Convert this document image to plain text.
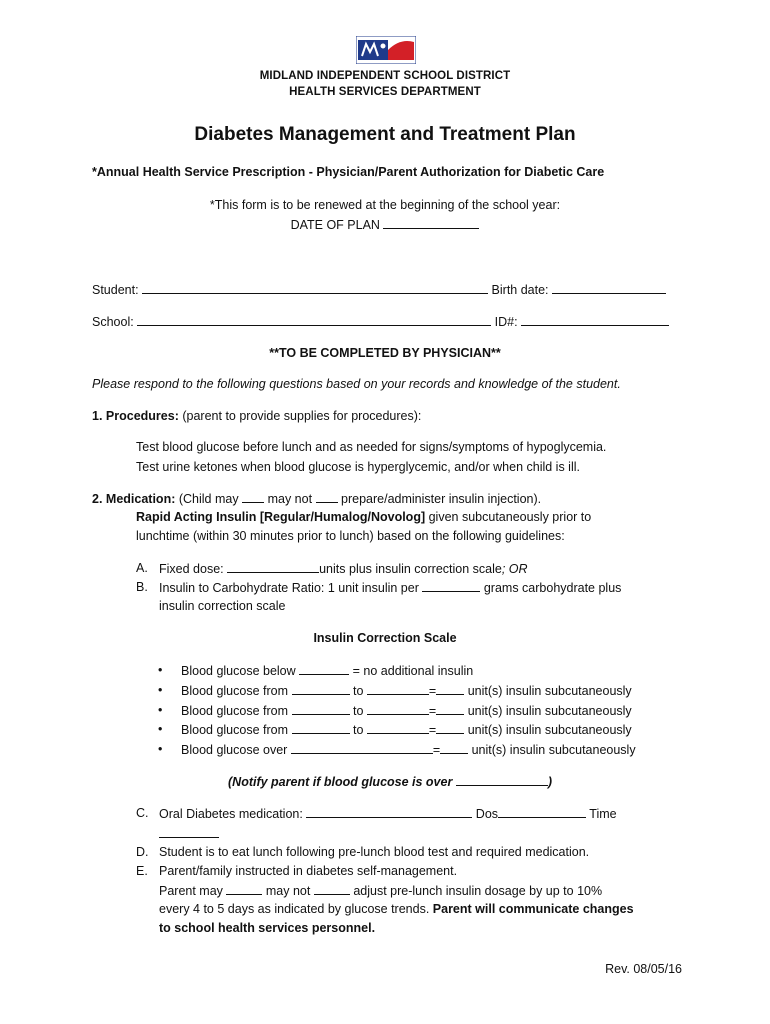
MIDLAND INDEPENDENT SCHOOL DISTRICT
HEALTH SERVICES DEPARTMENT
Diabetes Management and Treatment Plan
*Annual Health Service Prescription - Physician/Parent Authorization for Diabetic Care
*This form is to be renewed at the beginning of the school year:
DATE OF PLAN
Student:	Birth date:
School:	ID#:
**TO BE COMPLETED BY PHYSICIAN**
Please respond to the following questions based on your records and knowledge of the student.
1. Procedures: (parent to provide supplies for procedures):
Test blood glucose before lunch and as needed for signs/symptoms of hypoglycemia.
Test urine ketones when blood glucose is hyperglycemic, and/or when child is ill.
2. Medication: (Child may may not prepare/administer insulin injection).
Rapid Acting Insulin [Regular/Humalog/Novolog] given subcutaneously prior to
lunchtime (within 30 minutes prior to lunch) based on the following guidelines:
A. Fixed dose:	units plus insulin correction scale; OR
B. Insulin to Carbohydrate Ratio: 1 unit insulin per	grams carbohydrate plus
insulin correction scale
Insulin Correction Scale
• Blood glucose below	= no additional insulin
• Blood glucose from	to	=	unit(s) insulin subcutaneously
• Blood glucose from	to	=	unit(s) insulin subcutaneously
• Blood glucose from	to	=	unit(s) insulin subcutaneously
• Blood glucose over	=	unit(s) insulin subcutaneously
(Notify parent if blood glucose is over	)
C. Oral Diabetes medication:	Dos	Time
D. Student is to eat lunch following pre-lunch blood test and required medication.
E. Parent/family instructed in diabetes self-management.
Parent may	may not	adjust pre-lunch insulin dosage by up to 10%
every 4 to 5 days as indicated by glucose trends. Parent will communicate changes
to school health services personnel.
Rev. 08/05/16
